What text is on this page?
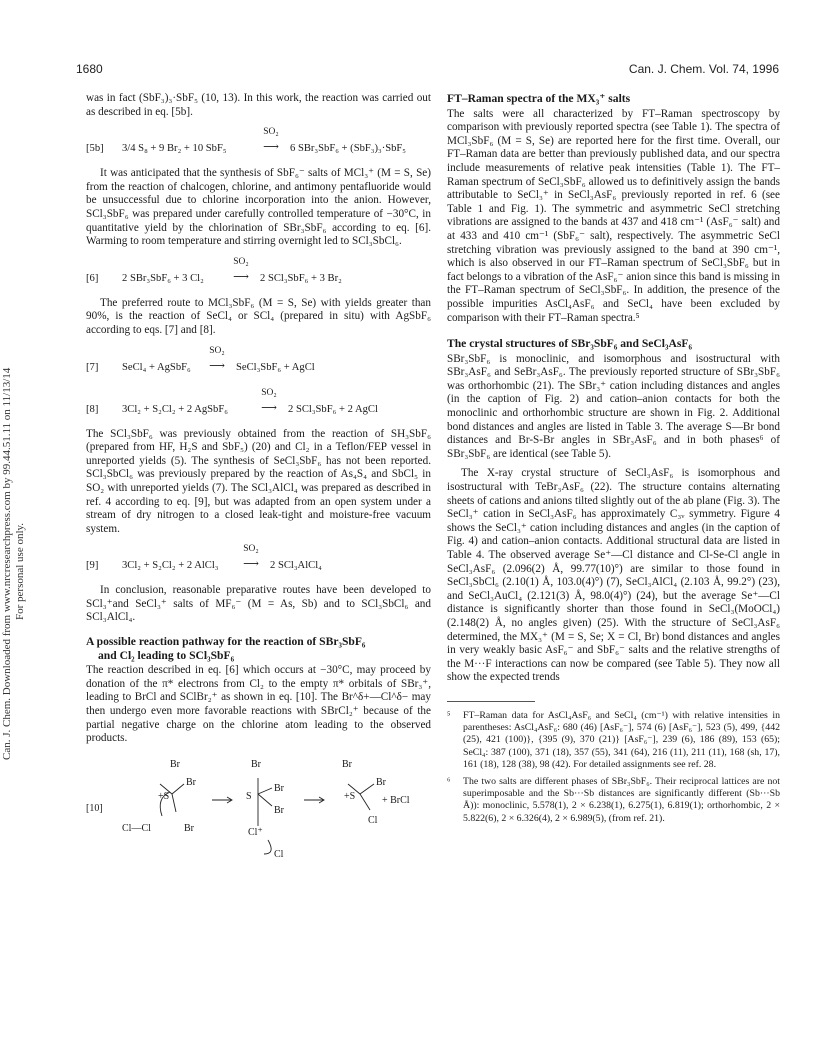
Can. J. Chem. Downloaded from www.nrcresearchpress.com by 99.44.51.11 on 11/13/14 For personal use only.
1680	Can. J. Chem. Vol. 74, 1996

was in fact (SbF₃)₃·SbF₅ (10, 13). In this work, the reaction was carried out as described in eq. [5b].

[5b] 3/4 S₈ + 9 Br₂ + 10 SbF₅
SO₂
⟶	6 SBr₃SbF₆ + (SbF₃)₃·SbF₅

It was anticipated that the synthesis of SbF₆⁻ salts of MCl₃⁺ (M = S, Se) from the reaction of chalcogen, chlorine, and antimony pentafluoride would be unsuccessful due to chlorine incorporation into the anion. However, SCl₃SbF₆ was prepared under carefully controlled temperature of −30°C, in quantitative yield by the chlorination of SBr₃SbF₆ according to eq. [6]. Warming to room temperature and stirring overnight led to SCl₃SbCl₆.

[6] 2 SBr₃SbF₆ + 3 Cl₂
SO₂
⟶	2 SCl₃SbF₆ + 3 Br₂

The preferred route to MCl₃SbF₆ (M = S, Se) with yields greater than 90%, is the reaction of SeCl₄ or SCl₄ (prepared in situ) with AgSbF₆ according to eqs. [7] and [8].

[7] SeCl₄ + AgSbF₆
SO₂
⟶	SeCl₃SbF₆ + AgCl
[8] 3Cl₂ + S₂Cl₂ + 2 AgSbF₆
SO₂
⟶	2 SCl₃SbF₆ + 2 AgCl

The SCl₃SbF₆ was previously obtained from the reaction of SH₃SbF₆ (prepared from HF, H₂S and SbF₅) (20) and Cl₂ in a Teflon/FEP vessel in unreported yields (5). The synthesis of SeCl₃SbF₆ has not been reported. SCl₃SbCl₆ was previously prepared by the reaction of As₄S₄ and SbCl₅ in SO₂ with unreported yields (7). The SCl₃AlCl₄ was prepared as described in ref. 4 according to eq. [9], but was adapted from an open system under a stream of dry nitrogen to a closed leak-tight and moisture-free vacuum system.

[9] 3Cl₂ + S₂Cl₂ + 2 AlCl₃
SO₂
⟶	2 SCl₃AlCl₄

In conclusion, reasonable preparative routes have been developed to SCl₃⁺and SeCl₃⁺ salts of MF₆⁻ (M = As, Sb) and to SCl₃SbCl₆ and SCl₃AlCl₄.

A possible reaction pathway for the reaction of SBr₃SbF₆
and Cl₂ leading to SCl₃SbF₆

The reaction described in eq. [6] which occurs at −30°C, may proceed by donation of the π* electrons from Cl₂ to the empty π* orbitals of SBr₃⁺, leading to BrCl and SClBr₂⁺ as shown in eq. [10]. The Br^δ+—Cl^δ− may then undergo even more favorable reactions with SBrCl₂⁺ because of the partial negative charge on the chlorine atom leading to the observed products.

[10]
Br
Br
+S
Cl—Cl	Br
Br
Br
S
Br
Cl⁺
Cl
Br
Br
+S
Cl
+ BrCl
FT–Raman spectra of the MX₃⁺ salts

The salts were all characterized by FT–Raman spectroscopy by comparison with previously reported spectra (see Table 1). The spectra of MCl₃SbF₆ (M = S, Se) are reported here for the first time. Overall, our FT–Raman data are better than previously published data, and our spectra include measurements of relative peak intensities (Table 1). The FT–Raman spectrum of SeCl₃SbF₆ allowed us to definitively assign the bands attributable to SeCl₃⁺ in SeCl₃AsF₆ previously reported in ref. 6 (see Table 1 and Fig. 1). The symmetric and asymmetric SeCl stretching vibrations are assigned to the bands at 437 and 418 cm⁻¹ (AsF₆⁻ salt) and at 433 and 410 cm⁻¹ (SbF₆⁻ salt), respectively. The asymmetric SeCl stretching vibration was previously assigned to the band at 390 cm⁻¹, which is also observed in our FT–Raman spectrum of SeCl₃SbF₆ but in fact belongs to a vibration of the AsF₆⁻ anion since this band is missing in the FT–Raman spectrum of SeCl₃SbF₆. In addition, the presence of the possible impurities AsCl₄AsF₆ and SeCl₄ have been excluded by comparison with their FT–Raman spectra.⁵

The crystal structures of SBr₃SbF₆ and SeCl₃AsF₆

SBr₃SbF₆ is monoclinic, and isomorphous and isostructural with SBr₃AsF₆ and SeBr₃AsF₆. The previously reported structure of SBr₃SbF₆ was orthorhombic (21). The SBr₃⁺ cation including distances and angles (in the caption of Fig. 2) and cation–anion contacts for both the monoclinic and orthorhombic structure are shown in Fig. 2. Additional bond distances and angles are listed in Table 3. The average S—Br bond distances and Br-S-Br angles in SBr₃AsF₆ and in both phases⁶ of SBr₃SbF₆ are identical (see Table 5).

The X-ray crystal structure of SeCl₃AsF₆ is isomorphous and isostructural with TeBr₃AsF₆ (22). The structure contains alternating sheets of cations and anions tilted slightly out of the ab plane (Fig. 3). The SeCl₃⁺ cation in SeCl₃AsF₆ has approximately C₃ᵥ symmetry. Figure 4 shows the SeCl₃⁺ cation including distances and angles (in the caption of Fig. 4) and cation–anion contacts. Additional structural data are listed in Table 4. The observed average Se⁺—Cl distance and Cl-Se-Cl angle in SeCl₃AsF₆ (2.096(2) Å, 99.77(10)°) are similar to those found in SeCl₃SbCl₆ (2.10(1) Å, 103.0(4)°) (7), SeCl₃AlCl₄ (2.103 Å, 99.2°) (23), and SeCl₃AuCl₄ (2.121(3) Å, 98.0(4)°) (24), but the average Se⁺—Cl distance is significantly shorter than those found in SeCl₃(MoOCl₄) (2.148(2) Å, no angles given) (25). With the structure of SeCl₃AsF₆ determined, the MX₃⁺ (M = S, Se; X = Cl, Br) bond distances and angles in very weakly basic AsF₆⁻ and SbF₆⁻ salts and the relative strengths of the M···F interactions can now be compared (see Table 5). They now all show the expected trends

⁵	FT–Raman data for AsCl₄AsF₆ and SeCl₄ (cm⁻¹) with relative intensities in parentheses: AsCl₄AsF₆: 680 (46) [AsF₆⁻], 574 (6) [AsF₆⁻], 523 (5), 499, {442 (25), 421 (100)}, {395 (9), 370 (21)} [AsF₆⁻], 239 (6), 186 (89), 153 (65); SeCl₄: 387 (100), 371 (18), 357 (55), 341 (64), 216 (11), 211 (11), 168 (sh, 17), 161 (18), 128 (38), 98 (42). For detailed assignments see ref. 28.
⁶	The two salts are different phases of SBr₃SbF₆. Their reciprocal lattices are not superimposable and the Sb···Sb distances are significantly different (Sb···Sb Å)): monoclinic, 5.578(1), 2 × 6.238(1), 6.275(1), 6.819(1); orthorhombic, 2 × 5.822(6), 2 × 6.326(4), 2 × 6.989(5), (from ref. 21).
